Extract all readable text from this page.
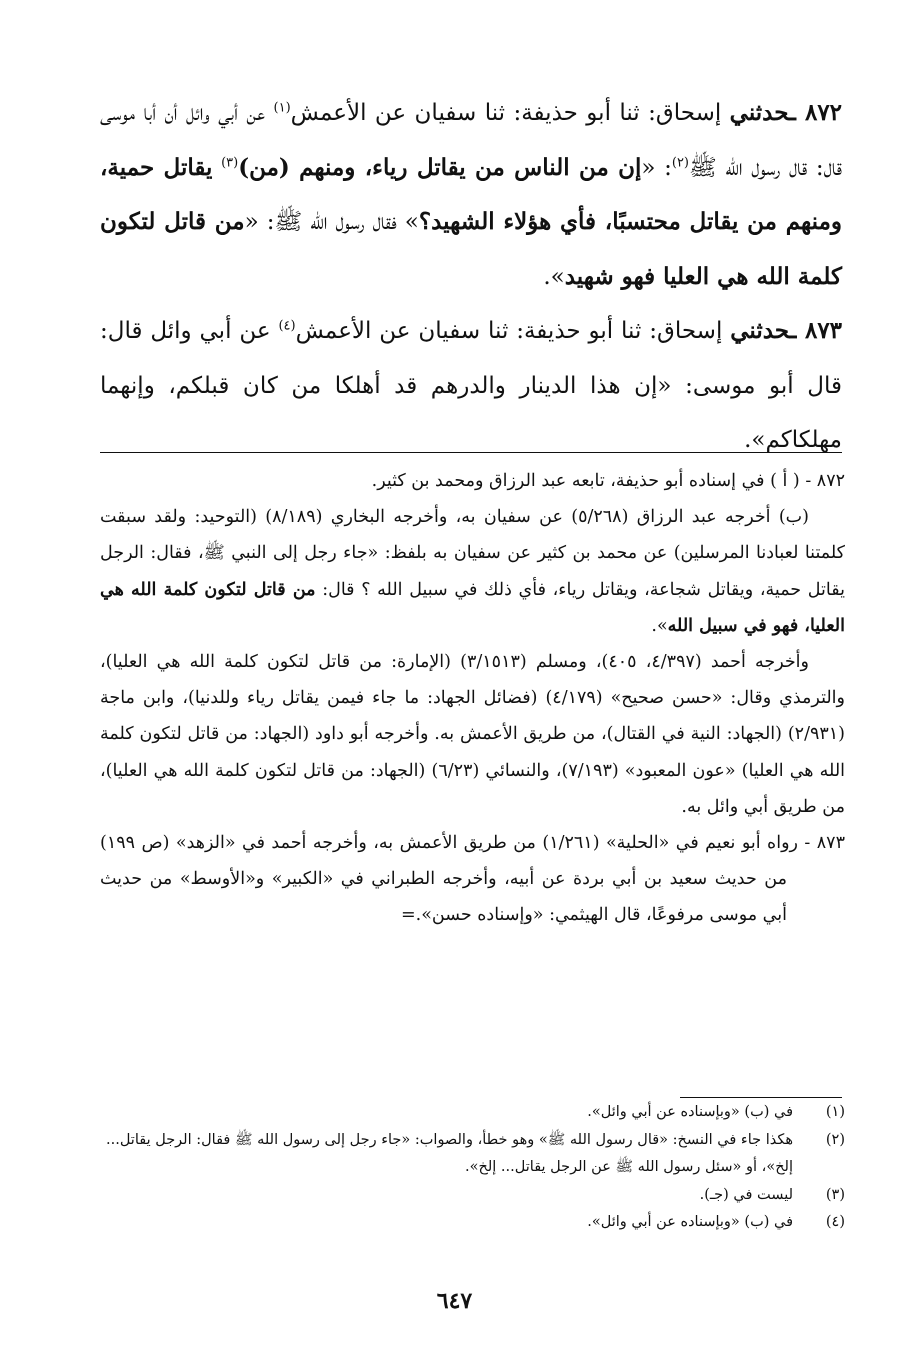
٨٧٢ ـحدثني إسحاق: ثنا أبو حذيفة: ثنا سفيان عن الأعمش$^{(١)}$ عن أبي وائل أن أبا موسى قال: قال رسول الله ﷺ$^{(٢)}$: «إن من الناس من يقاتل رياء، ومنهم (من)$^{(٣)}$ يقاتل حمية، ومنهم من يقاتل محتسبًا، فأي هؤلاء الشهيد؟» فقال رسول الله ﷺ: «من قاتل لتكون كلمة الله هي العليا فهو شهيد».

٨٧٣ ـحدثني إسحاق: ثنا أبو حذيفة: ثنا سفيان عن الأعمش$^{(٤)}$ عن أبي وائل قال: قال أبو موسى: «إن هذا الدينار والدرهم قد أهلكا من كان قبلكم، وإنهما مهلكاكم».

٨٧٢ - ( أ ) في إسناده أبو حذيفة، تابعه عبد الرزاق ومحمد بن كثير.

(ب) أخرجه عبد الرزاق (٥/٢٦٨) عن سفيان به، وأخرجه البخاري (٨/١٨٩) (التوحيد: ولقد سبقت كلمتنا لعبادنا المرسلين) عن محمد بن كثير عن سفيان به بلفظ: «جاء رجل إلى النبي ﷺ، فقال: الرجل يقاتل حمية، ويقاتل شجاعة، ويقاتل رياء، فأي ذلك في سبيل الله ؟ قال: من قاتل لتكون كلمة الله هي العليا، فهو في سبيل الله».

وأخرجه أحمد (٤/٣٩٧، ٤٠٥)، ومسلم (٣/١٥١٣) (الإمارة: من قاتل لتكون كلمة الله هي العليا)، والترمذي وقال: «حسن صحيح» (٤/١٧٩) (فضائل الجهاد: ما جاء فيمن يقاتل رياء وللدنيا)، وابن ماجة (٢/٩٣١) (الجهاد: النية في القتال)، من طريق الأعمش به. وأخرجه أبو داود (الجهاد: من قاتل لتكون كلمة الله هي العليا) «عون المعبود» (٧/١٩٣)، والنسائي (٦/٢٣) (الجهاد: من قاتل لتكون كلمة الله هي العليا)، من طريق أبي وائل به.

٨٧٣ - رواه أبو نعيم في «الحلية» (١/٢٦١) من طريق الأعمش به، وأخرجه أحمد في «الزهد» (ص ١٩٩) من حديث سعيد بن أبي بردة عن أبيه، وأخرجه الطبراني في «الكبير» و«الأوسط» من حديث أبي موسى مرفوعًا، قال الهيثمي: «وإسناده حسن».=

(١)
في (ب) «وبإسناده عن أبي وائل».
(٢)
هكذا جاء في النسخ: «قال رسول الله ﷺ» وهو خطأ، والصواب: «جاء رجل إلى رسول الله ﷺ فقال: الرجل يقاتل... إلخ»، أو «سئل رسول الله ﷺ عن الرجل يقاتل... إلخ».
(٣)
ليست في (جـ).
(٤)
في (ب) «وبإسناده عن أبي وائل».
٦٤٧
